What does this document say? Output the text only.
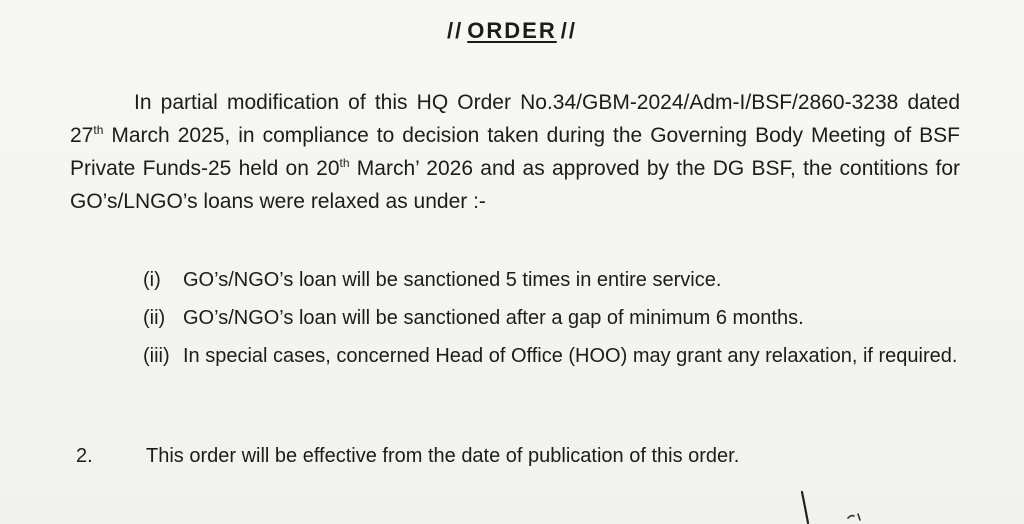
// ORDER //
In partial modification of this HQ Order No.34/GBM-2024/Adm-I/BSF/2860-3238 dated 27th March 2025, in compliance to decision taken during the Governing Body Meeting of BSF Private Funds-25 held on 20th March’ 2026 and as approved by the DG BSF, the contitions for GO’s/LNGO’s loans were relaxed as under :-
(i) GO’s/NGO’s loan will be sanctioned 5 times in entire service.
(ii) GO’s/NGO’s loan will be sanctioned after a gap of minimum 6 months.
(iii) In special cases, concerned Head of Office (HOO) may grant any relaxation, if required.
2.	This order will be effective from the date of publication of this order.
